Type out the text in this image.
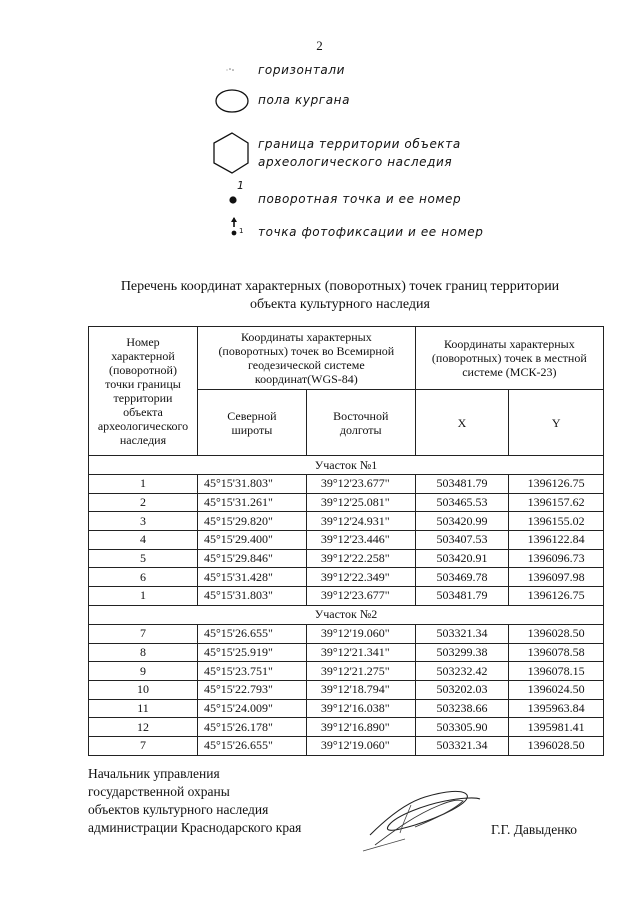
2
горизонтали
пола кургана
граница территории объекта
археологического наследия
1
поворотная точка и ее номер
1 точка фотофиксации и ее номер
Перечень координат характерных (поворотных) точек границ территории
объекта культурного наследия
Номер характерной (поворотной) точки границы территории объекта археологического наследия	Координаты характерных (поворотных) точек во Всемирной геодезической системе координат(WGS-84)		Координаты характерных (поворотных) точек в местной системе (МСК-23)	
	Северной широты	Восточной долготы	X	Y
Участок №1				
1	45°15'31.803"	39°12'23.677"	503481.79	1396126.75
2	45°15'31.261"	39°12'25.081"	503465.53	1396157.62
3	45°15'29.820"	39°12'24.931"	503420.99	1396155.02
4	45°15'29.400"	39°12'23.446"	503407.53	1396122.84
5	45°15'29.846"	39°12'22.258"	503420.91	1396096.73
6	45°15'31.428"	39°12'22.349"	503469.78	1396097.98
1	45°15'31.803"	39°12'23.677"	503481.79	1396126.75
Участок №2				
7	45°15'26.655"	39°12'19.060"	503321.34	1396028.50
8	45°15'25.919"	39°12'21.341"	503299.38	1396078.58
9	45°15'23.751"	39°12'21.275"	503232.42	1396078.15
10	45°15'22.793"	39°12'18.794"	503202.03	1396024.50
11	45°15'24.009"	39°12'16.038"	503238.66	1395963.84
12	45°15'26.178"	39°12'16.890"	503305.90	1395981.41
7	45°15'26.655"	39°12'19.060"	503321.34	1396028.50
Начальник управления
государственной охраны
объектов культурного наследия
администрации Краснодарского края	Г.Г. Давыденко
